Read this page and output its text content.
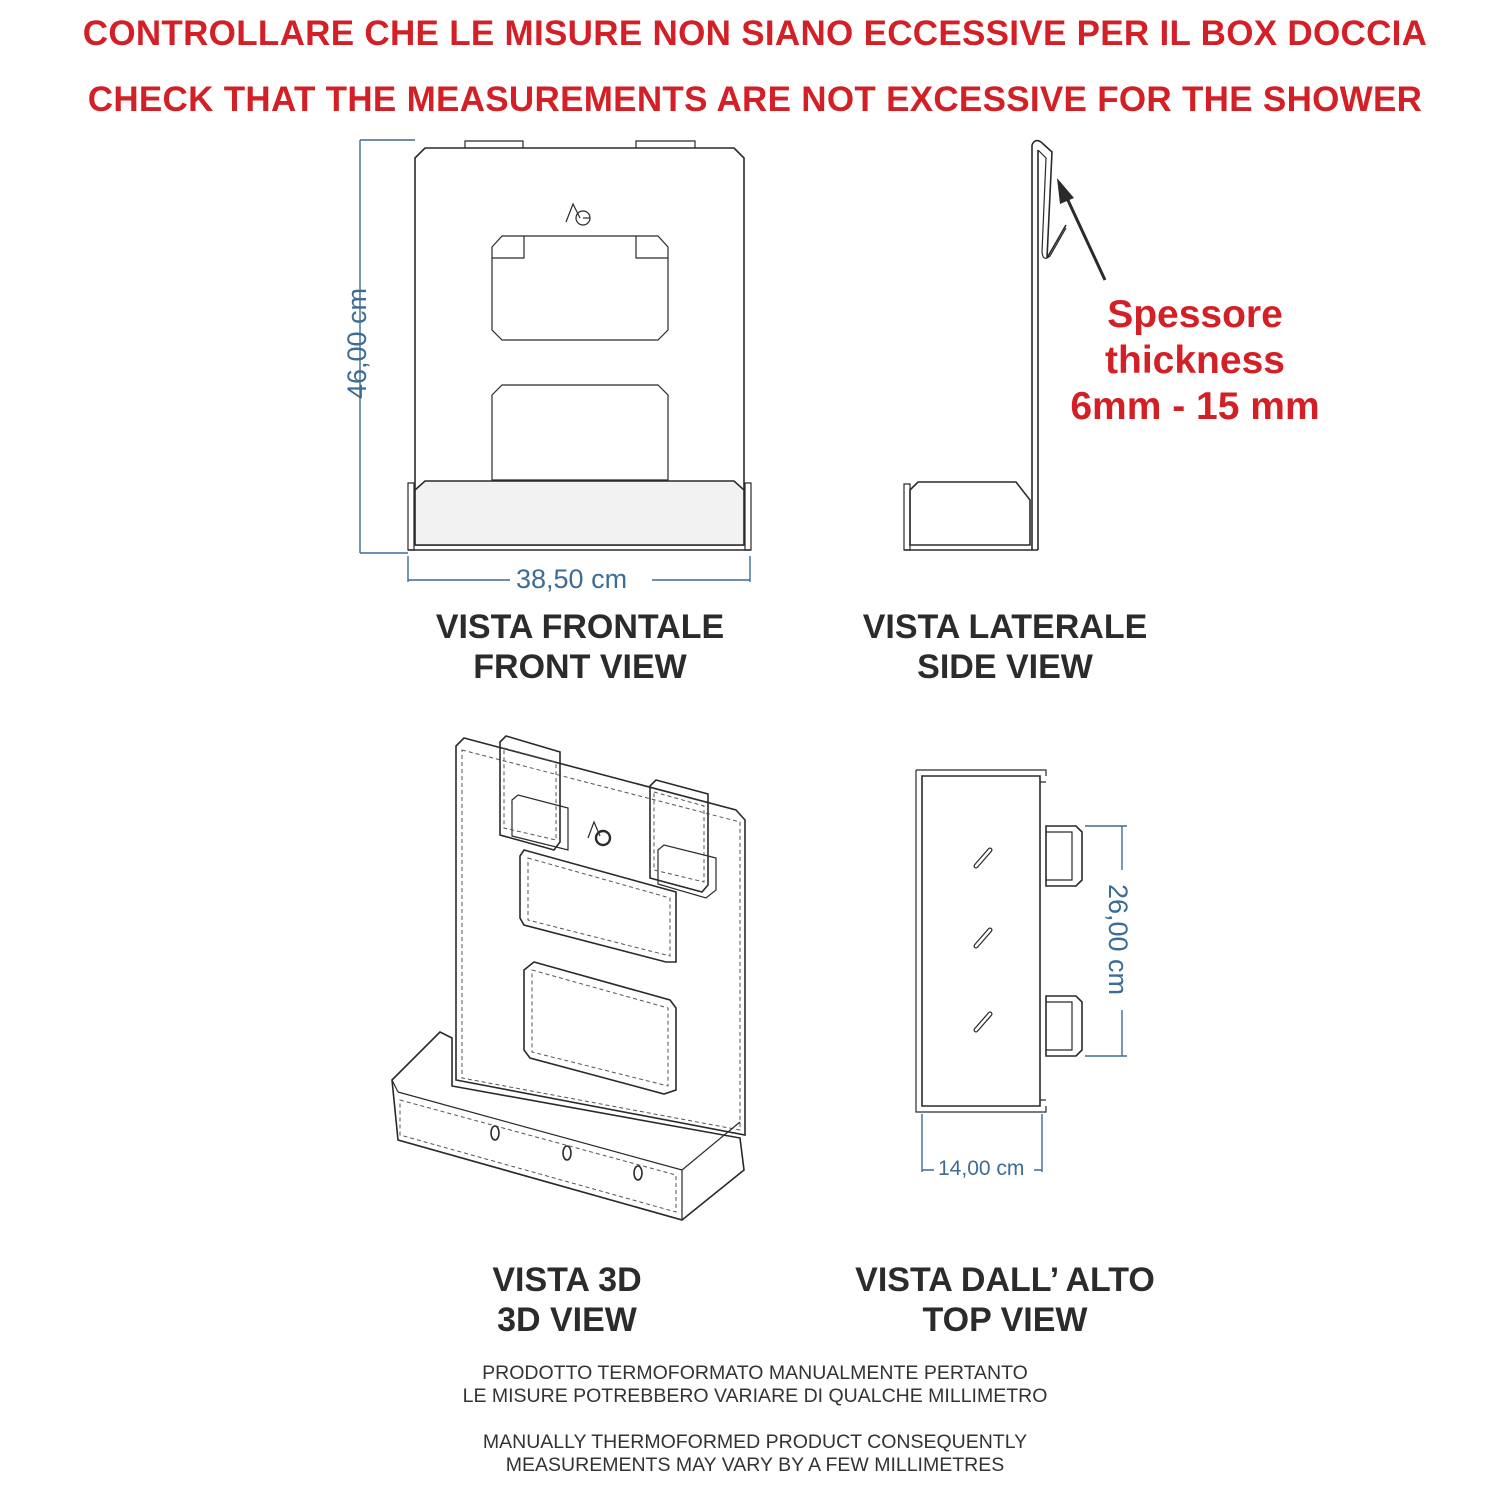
CONTROLLARE CHE LE MISURE NON SIANO ECCESSIVE PER IL BOX DOCCIA
CHECK THAT THE MEASUREMENTS ARE NOT EXCESSIVE FOR THE SHOWER
46,00 cm
38,50 cm
14,00 cm
26,00 cm
Spessore
thickness
6mm - 15 mm
VISTA FRONTALE
FRONT VIEW
VISTA LATERALE
SIDE VIEW
VISTA 3D
3D VIEW
VISTA DALL’ ALTO
TOP VIEW
PRODOTTO TERMOFORMATO MANUALMENTE PERTANTO
LE MISURE POTREBBERO VARIARE DI QUALCHE MILLIMETRO
MANUALLY THERMOFORMED PRODUCT CONSEQUENTLY
MEASUREMENTS MAY VARY BY A FEW MILLIMETRES
